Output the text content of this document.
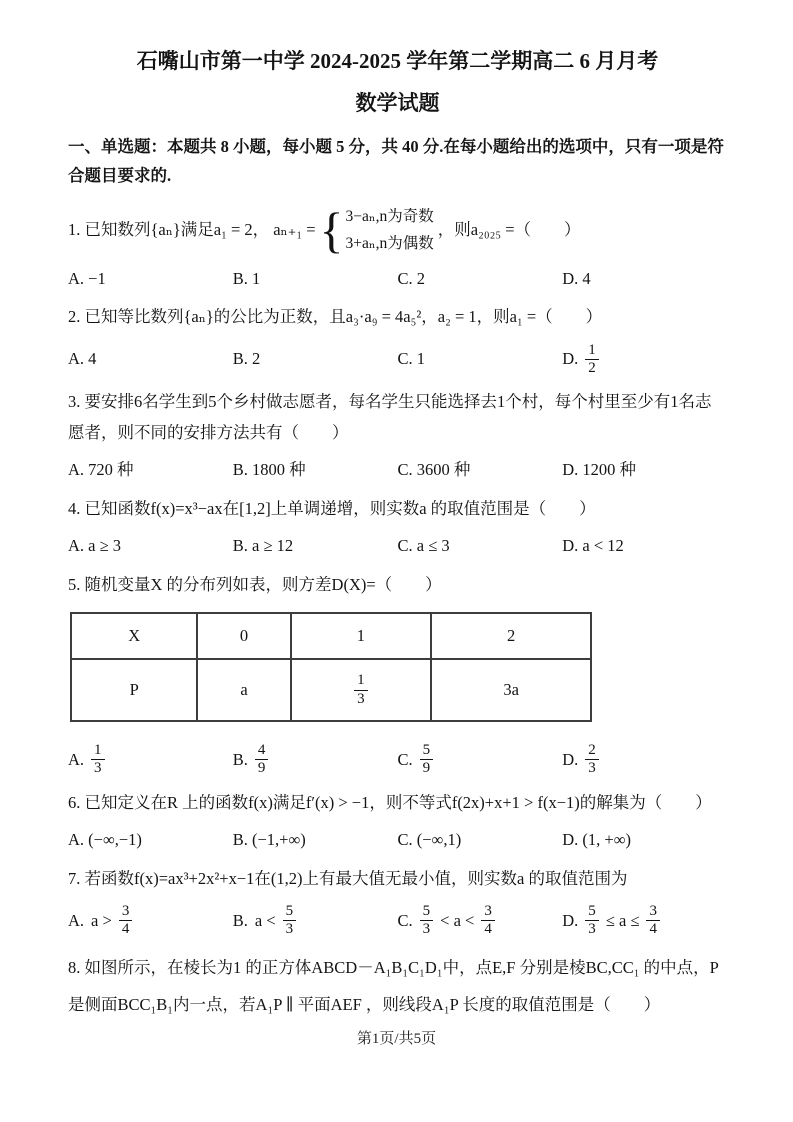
石嘴山市第一中学 2024-2025 学年第二学期高二 6 月月考
数学试题
一、单选题：本题共 8 小题，每小题 5 分，共 40 分.在每小题给出的选项中，只有一项是符合题目要求的.
1. 已知数列{aₙ}满足a₁ = 2， aₙ₊₁ = { 3−aₙ,n为奇数
3+aₙ,n为偶数
，则a₂₀₂₅ =（　　）
A. −1	B. 1	C. 2	D. 4
2. 已知等比数列{aₙ}的公比为正数，且a₃·a₉ = 4a₅²，a₂ = 1，则a₁ =（　　）
A. 4	B. 2	C. 1	D. $\frac{1}{2}$
3. 要安排6名学生到5个乡村做志愿者，每名学生只能选择去1个村，每个村里至少有1名志愿者，则不同的安排方法共有（　　）
A. 720 种	B. 1800 种	C. 3600 种	D. 1200 种
4. 已知函数f(x)=x³−ax在[1,2]上单调递增，则实数a 的取值范围是（　　）
A. a ≥ 3	B. a ≥ 12	C. a ≤ 3	D. a < 12
5. 随机变量X 的分布列如表，则方差D(X)=（　　）
X	0	1	2
P	a	$\frac{1}{3}$	3a
A. $\frac{1}{3}$	B. $\frac{4}{9}$	C. $\frac{5}{9}$	D. $\frac{2}{3}$
6. 已知定义在R 上的函数f(x)满足f′(x) > −1，则不等式f(2x)+x+1 > f(x−1)的解集为（　　）
A. (−∞,−1)	B. (−1,+∞)	C. (−∞,1)	D. (1, +∞)
7. 若函数f(x)=ax³+2x²+x−1在(1,2)上有最大值无最小值，则实数a 的取值范围为
A. $a > \frac{3}{4}$	B. $a < \frac{5}{3}$	C. $\frac{5}{3} < a < \frac{3}{4}$	D. $\frac{5}{3} \le a \le \frac{3}{4}$
8. 如图所示，在棱长为1 的正方体ABCD－A₁B₁C₁D₁中，点E,F 分别是棱BC,CC₁ 的中点，P 是侧面BCC₁B₁内一点，若A₁P ∥ 平面AEF ，则线段A₁P 长度的取值范围是（　　）
第1页/共5页
